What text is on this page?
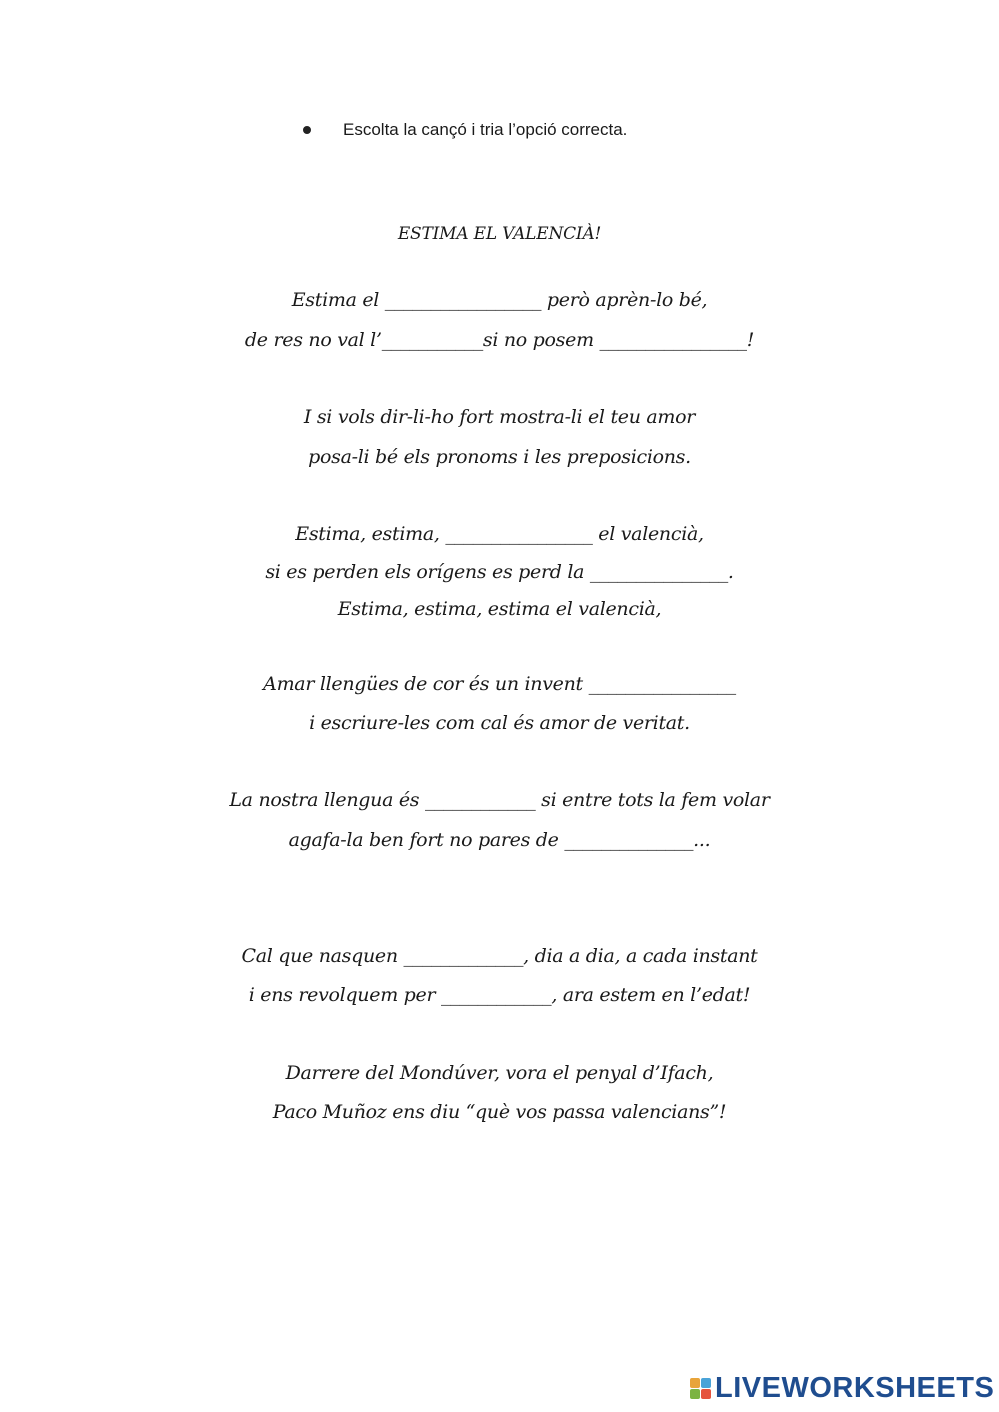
Escolta la cançó i tria l’opció correcta.
ESTIMA EL VALENCIÀ!
Estima el _________________ però aprèn-lo bé,
de res no val l’___________si no posem ________________!
I si vols dir-li-ho fort mostra-li el teu amor
posa-li bé els pronoms i les preposicions.
Estima, estima, ________________ el valencià,
si es perden els orígens es perd la _______________.
Estima, estima, estima el valencià,
Amar llengües de cor és un invent ________________
i escriure-les com cal és amor de veritat.
La nostra llengua és ____________ si entre tots la fem volar
agafa-la ben fort no pares de ______________...
Cal que nasquen _____________, dia a dia, a cada instant
i ens revolquem per ____________, ara estem en l’edat!
Darrere del Mondúver, vora el penyal d’Ifach,
Paco Muñoz ens diu “què vos passa valencians”!
LIVEWORKSHEETS
